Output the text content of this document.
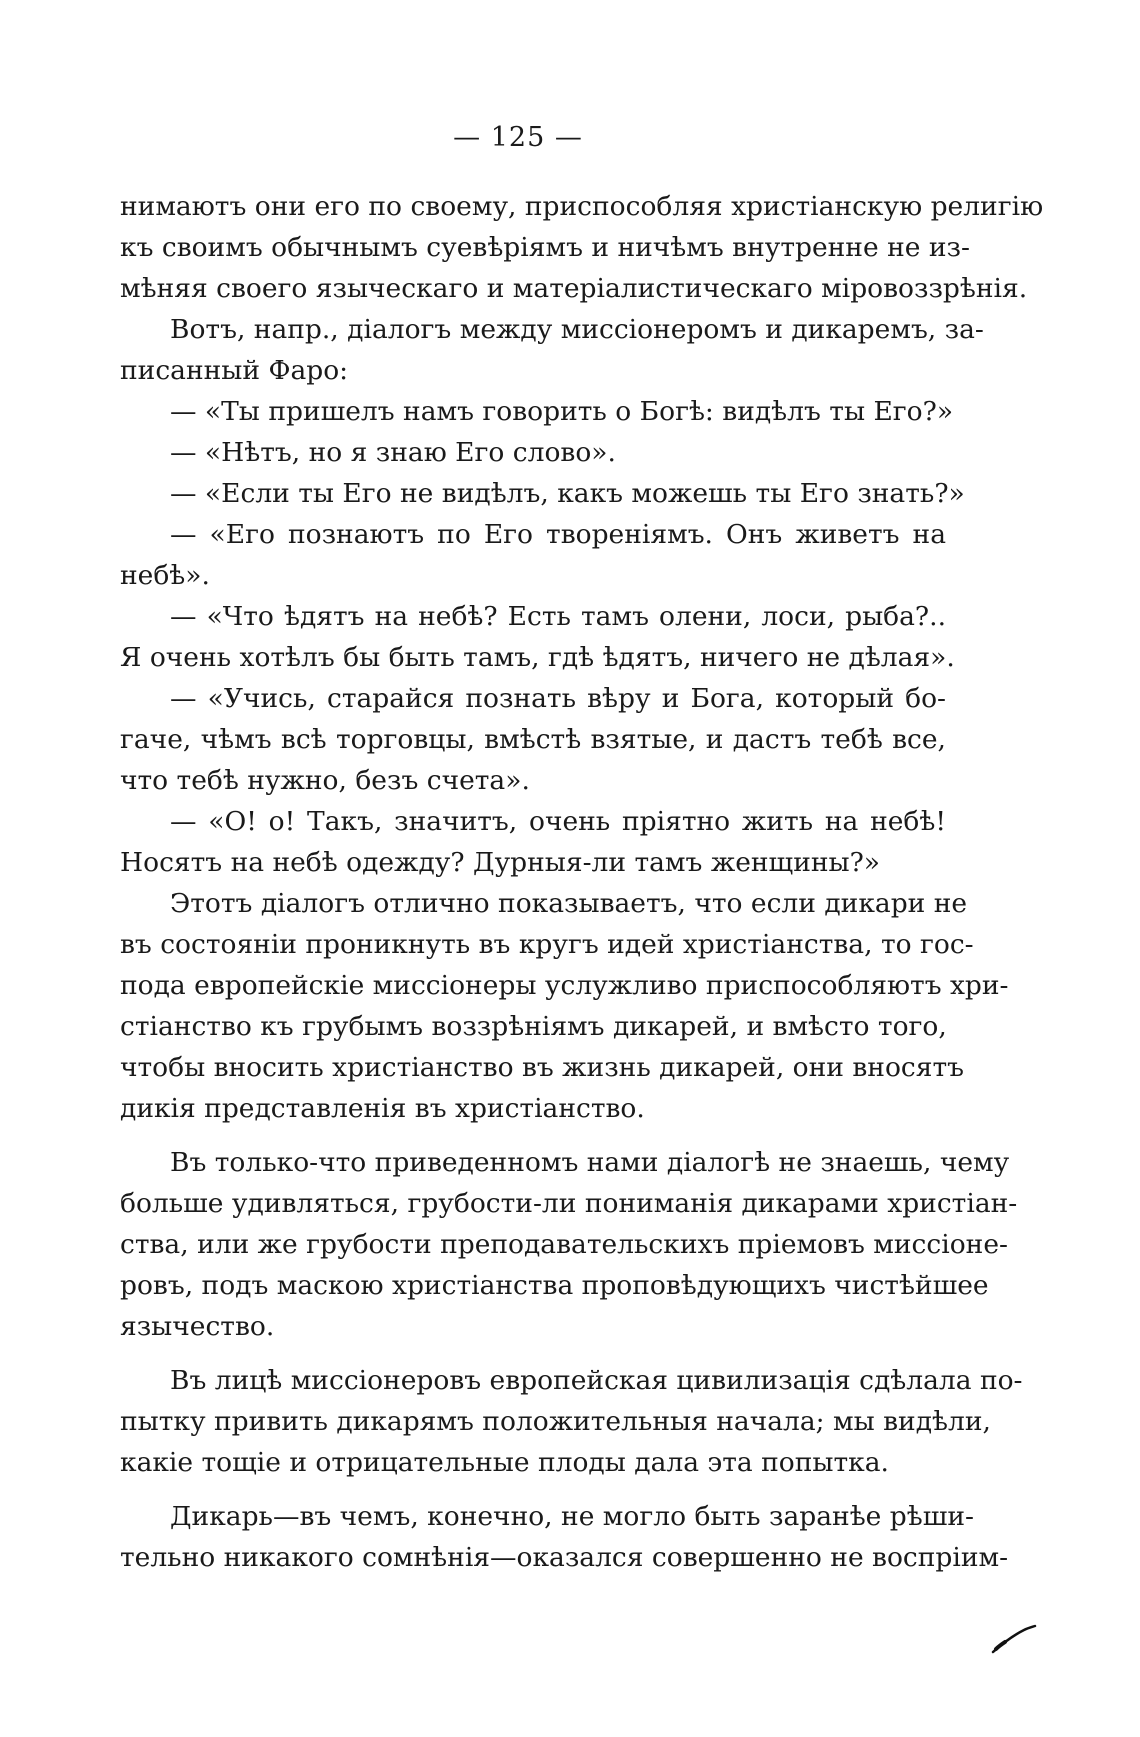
— 125 —
нимаютъ они его по своему, приспособляя христіанскую религію
къ своимъ обычнымъ суевѣріямъ и ничѣмъ внутренне не из-
мѣняя своего языческаго и матеріалистическаго міровоззрѣнія.
Вотъ, напр., діалогъ между миссіонеромъ и дикаремъ, за-
писанный Фаро:
— «Ты пришелъ намъ говорить о Богѣ: видѣлъ ты Его?»
— «Нѣтъ, но я знаю Его слово».
— «Если ты Его не видѣлъ, какъ можешь ты Его знать?»
— «Его познаютъ по Его твореніямъ. Онъ живетъ на
небѣ».
— «Что ѣдятъ на небѣ? Есть тамъ олени, лоси, рыба?..
Я очень хотѣлъ бы быть тамъ, гдѣ ѣдятъ, ничего не дѣлая».
— «Учись, старайся познать вѣру и Бога, который бо-
гаче, чѣмъ всѣ торговцы, вмѣстѣ взятые, и дастъ тебѣ все,
что тебѣ нужно, безъ счета».
— «О! о! Такъ, значитъ, очень пріятно жить на небѣ!
Носятъ на небѣ одежду? Дурныя-ли тамъ женщины?»
Этотъ діалогъ отлично показываетъ, что если дикари не
въ состояніи проникнуть въ кругъ идей христіанства, то гос-
пода европейскіе миссіонеры услужливо приспособляютъ хри-
стіанство къ грубымъ воззрѣніямъ дикарей, и вмѣсто того,
чтобы вносить христіанство въ жизнь дикарей, они вносятъ
дикія представленія въ христіанство.
Въ только-что приведенномъ нами діалогѣ не знаешь, чему
больше удивляться, грубости-ли пониманія дикарами христіан-
ства, или же грубости преподавательскихъ пріемовъ миссіоне-
ровъ, подъ маскою христіанства проповѣдующихъ чистѣйшее
язычество.
Въ лицѣ миссіонеровъ европейская цивилизація сдѣлала по-
пытку привить дикарямъ положительныя начала; мы видѣли,
какіе тощіе и отрицательные плоды дала эта попытка.
Дикарь—въ чемъ, конечно, не могло быть заранѣе рѣши-
тельно никакого сомнѣнія—оказался совершенно не воспріим-
